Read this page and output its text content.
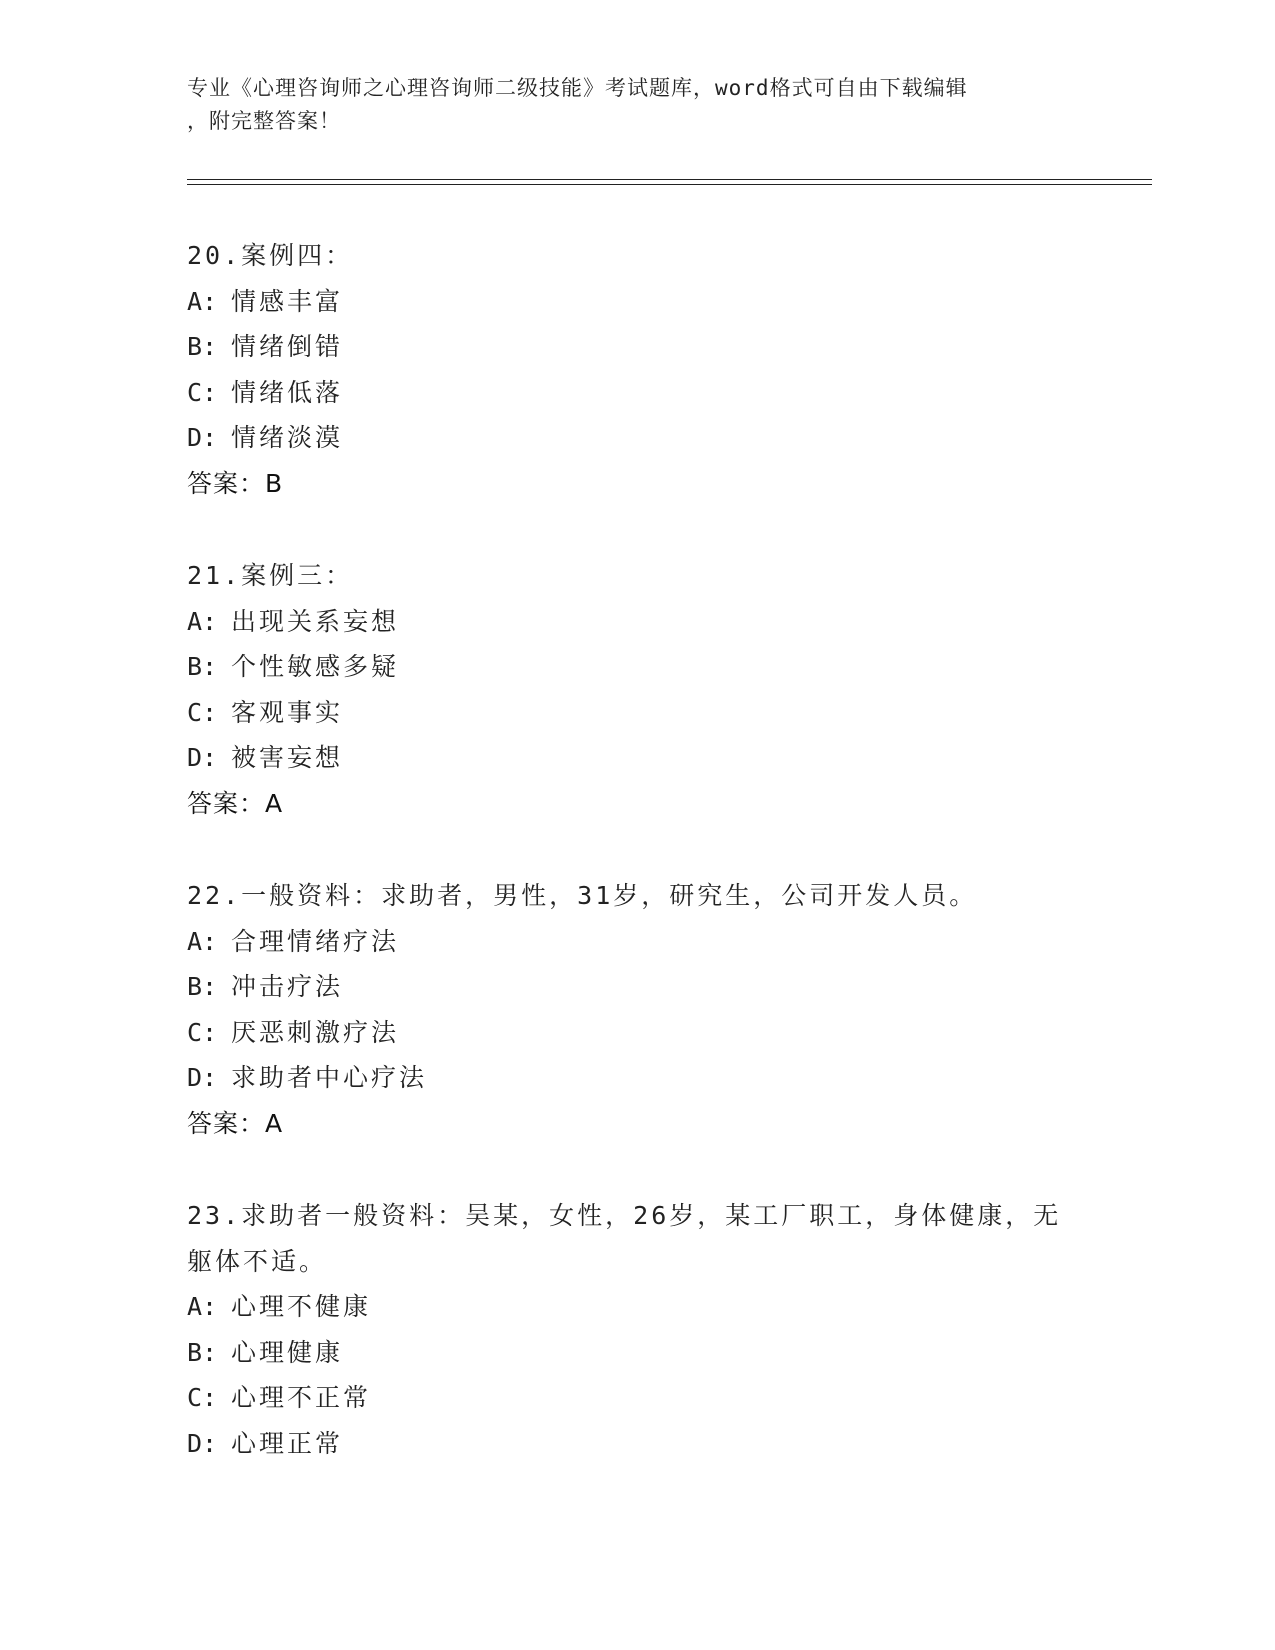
专业《心理咨询师之心理咨询师二级技能》考试题库，word格式可自由下载编辑
，附完整答案！
20.案例四：
A: 情感丰富
B: 情绪倒错
C: 情绪低落
D: 情绪淡漠
答案：B
21.案例三：
A: 出现关系妄想
B: 个性敏感多疑
C: 客观事实
D: 被害妄想
答案：A
22.一般资料：求助者，男性，31岁，研究生，公司开发人员。
A: 合理情绪疗法
B: 冲击疗法
C: 厌恶刺激疗法
D: 求助者中心疗法
答案：A
23.求助者一般资料：吴某，女性，26岁，某工厂职工，身体健康，无
躯体不适。
A: 心理不健康
B: 心理健康
C: 心理不正常
D: 心理正常
